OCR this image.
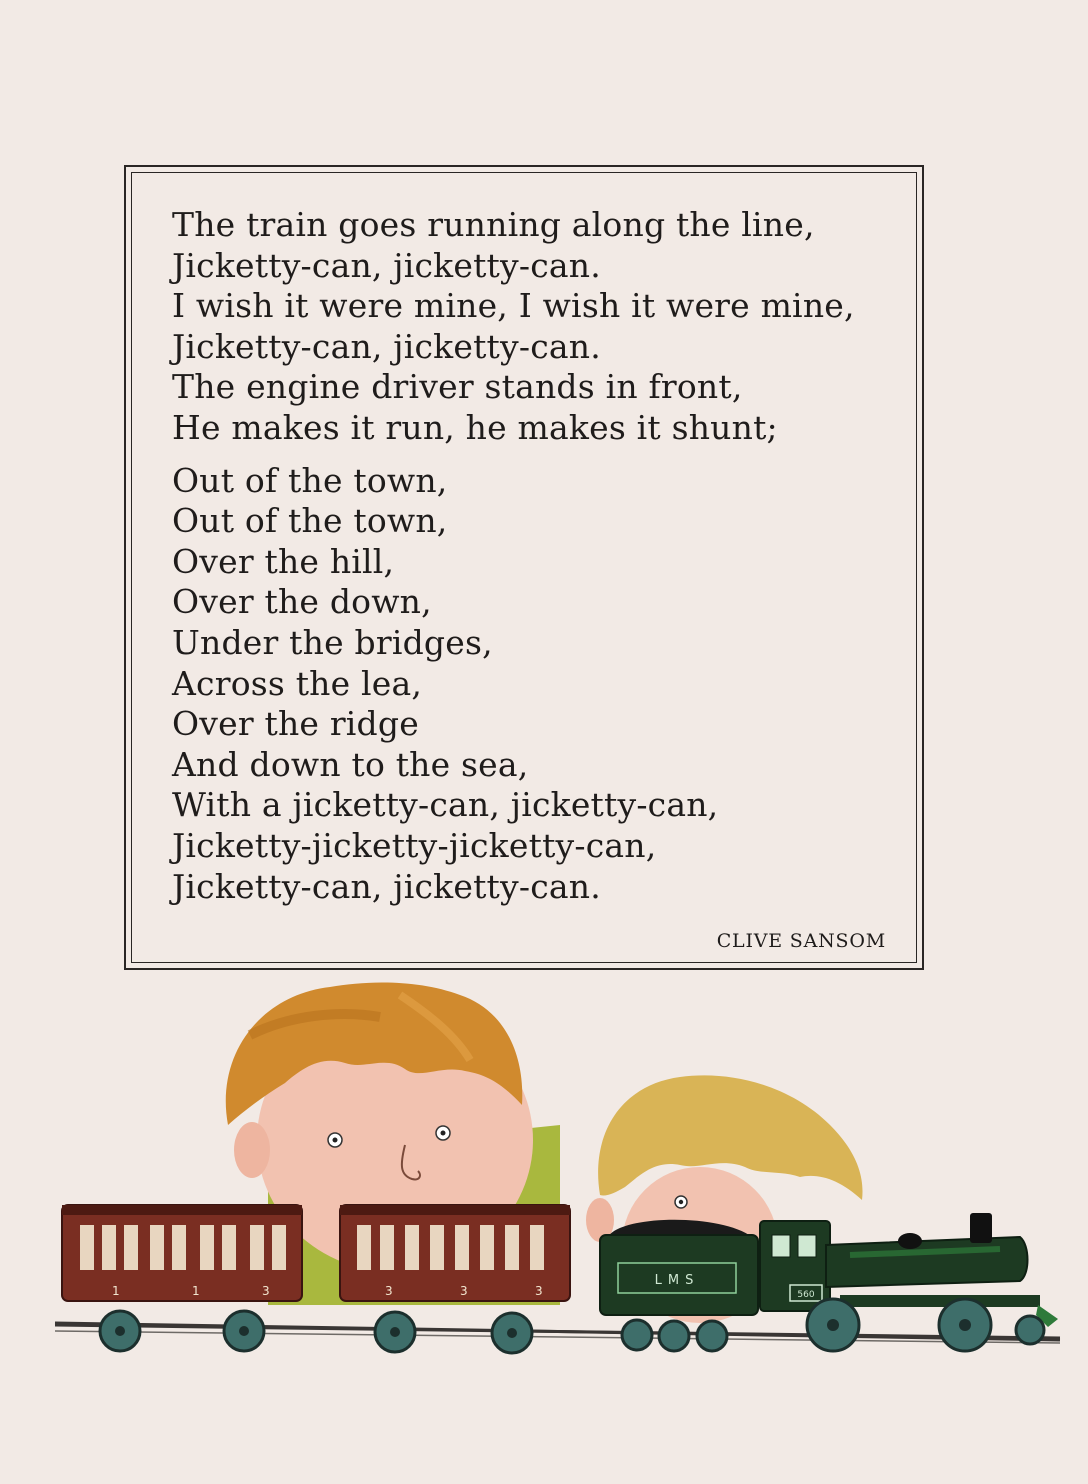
The train goes running along the line,
Jicketty-can, jicketty-can.
I wish it were mine, I wish it were mine,
Jicketty-can, jicketty-can.
The engine driver stands in front,
He makes it run, he makes it shunt;
Out of the town,
Out of the town,
Over the hill,
Over the down,
Under the bridges,
Across the lea,
Over the ridge
And down to the sea,
With a jicketty-can, jicketty-can,
Jicketty-jicketty-jicketty-can,
Jicketty-can, jicketty-can.
CLIVE SANSOM
1	1	3	3	3	3
LMS
560
